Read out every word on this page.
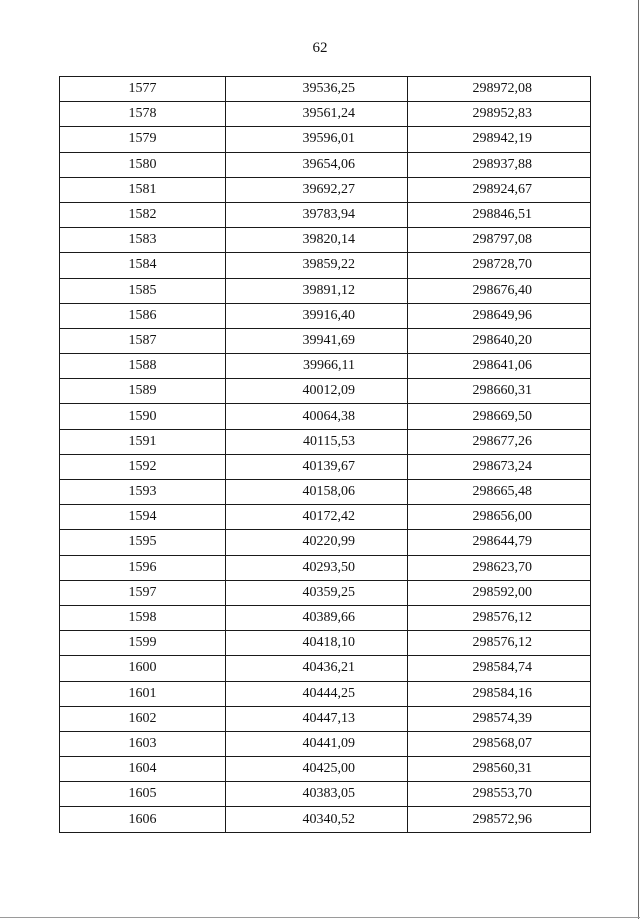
62
1577	39536,25	298972,08
1578	39561,24	298952,83
1579	39596,01	298942,19
1580	39654,06	298937,88
1581	39692,27	298924,67
1582	39783,94	298846,51
1583	39820,14	298797,08
1584	39859,22	298728,70
1585	39891,12	298676,40
1586	39916,40	298649,96
1587	39941,69	298640,20
1588	39966,11	298641,06
1589	40012,09	298660,31
1590	40064,38	298669,50
1591	40115,53	298677,26
1592	40139,67	298673,24
1593	40158,06	298665,48
1594	40172,42	298656,00
1595	40220,99	298644,79
1596	40293,50	298623,70
1597	40359,25	298592,00
1598	40389,66	298576,12
1599	40418,10	298576,12
1600	40436,21	298584,74
1601	40444,25	298584,16
1602	40447,13	298574,39
1603	40441,09	298568,07
1604	40425,00	298560,31
1605	40383,05	298553,70
1606	40340,52	298572,96
